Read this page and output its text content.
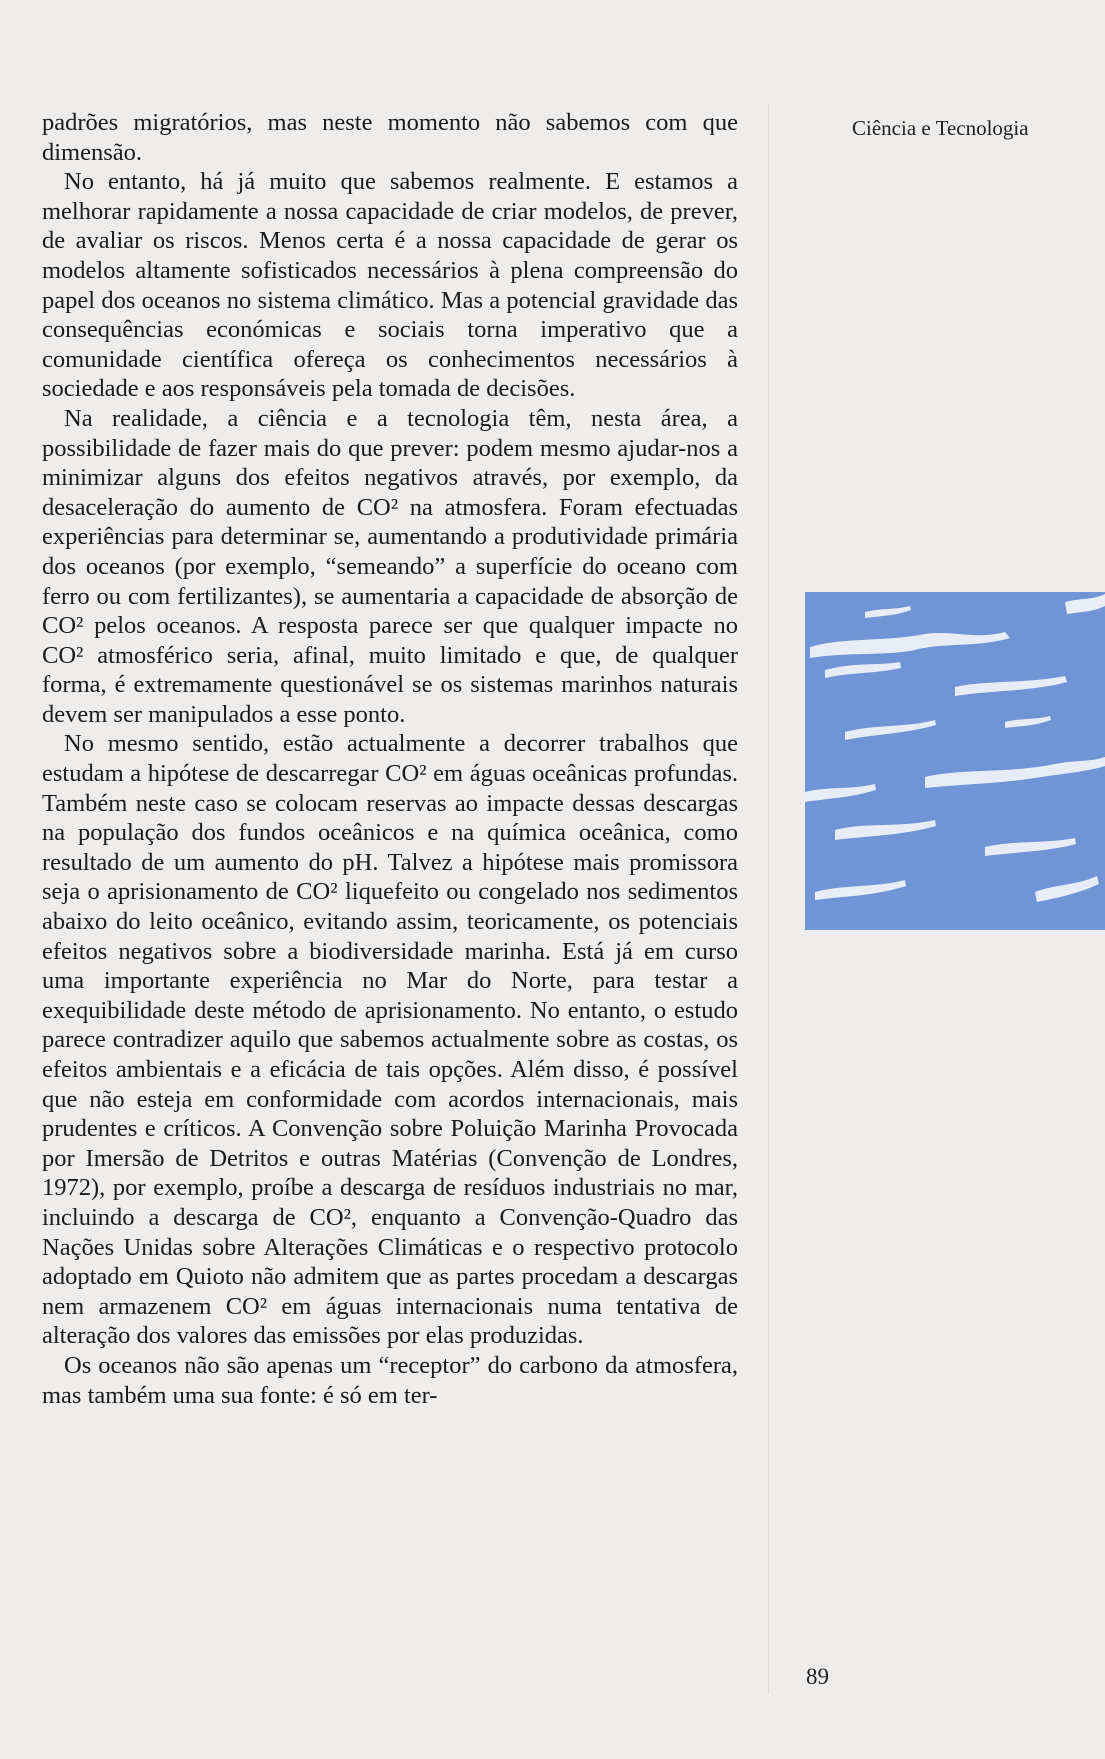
padrões migratórios, mas neste momento não sabemos com que dimensão.

No entanto, há já muito que sabemos realmente. E estamos a melhorar rapidamente a nossa capacidade de criar modelos, de prever, de avaliar os riscos. Menos certa é a nossa capacidade de gerar os modelos altamente sofisticados necessários à plena compreensão do papel dos oceanos no sistema climático. Mas a potencial gravidade das consequências económicas e sociais torna imperativo que a comunidade científica ofereça os conhecimentos necessários à sociedade e aos responsáveis pela tomada de decisões.

Na realidade, a ciência e a tecnologia têm, nesta área, a possibilidade de fazer mais do que prever: podem mesmo ajudar-nos a minimizar alguns dos efeitos negativos através, por exemplo, da desaceleração do aumento de CO² na atmosfera. Foram efectuadas experiências para determinar se, aumentando a produtividade primária dos oceanos (por exemplo, “semeando” a superfície do oceano com ferro ou com fertilizantes), se aumentaria a capacidade de absorção de CO² pelos oceanos. A resposta parece ser que qualquer impacte no CO² atmosférico seria, afinal, muito limitado e que, de qualquer forma, é extremamente questionável se os sistemas marinhos naturais devem ser manipulados a esse ponto.

No mesmo sentido, estão actualmente a decorrer trabalhos que estudam a hipótese de descarregar CO² em águas oceânicas profundas. Também neste caso se colocam reservas ao impacte dessas descargas na população dos fundos oceânicos e na química oceânica, como resultado de um aumento do pH. Talvez a hipótese mais promissora seja o aprisionamento de CO² liquefeito ou congelado nos sedimentos abaixo do leito oceânico, evitando assim, teoricamente, os potenciais efeitos negativos sobre a biodiversidade marinha. Está já em curso uma importante experiência no Mar do Norte, para testar a exequibilidade deste método de aprisionamento. No entanto, o estudo parece contradizer aquilo que sabemos actualmente sobre as costas, os efeitos ambientais e a eficácia de tais opções. Além disso, é possível que não esteja em conformidade com acordos internacionais, mais prudentes e críticos. A Convenção sobre Poluição Marinha Provocada por Imersão de Detritos e outras Matérias (Convenção de Londres, 1972), por exemplo, proíbe a descarga de resíduos industriais no mar, incluindo a descarga de CO², enquanto a Convenção-Quadro das Nações Unidas sobre Alterações Climáticas e o respectivo protocolo adoptado em Quioto não admitem que as partes procedam a descargas nem armazenem CO² em águas internacionais numa tentativa de alteração dos valores das emissões por elas produzidas.

Os oceanos não são apenas um “receptor” do carbono da atmosfera, mas também uma sua fonte: é só em ter-

Ciência e Tecnologia
89
